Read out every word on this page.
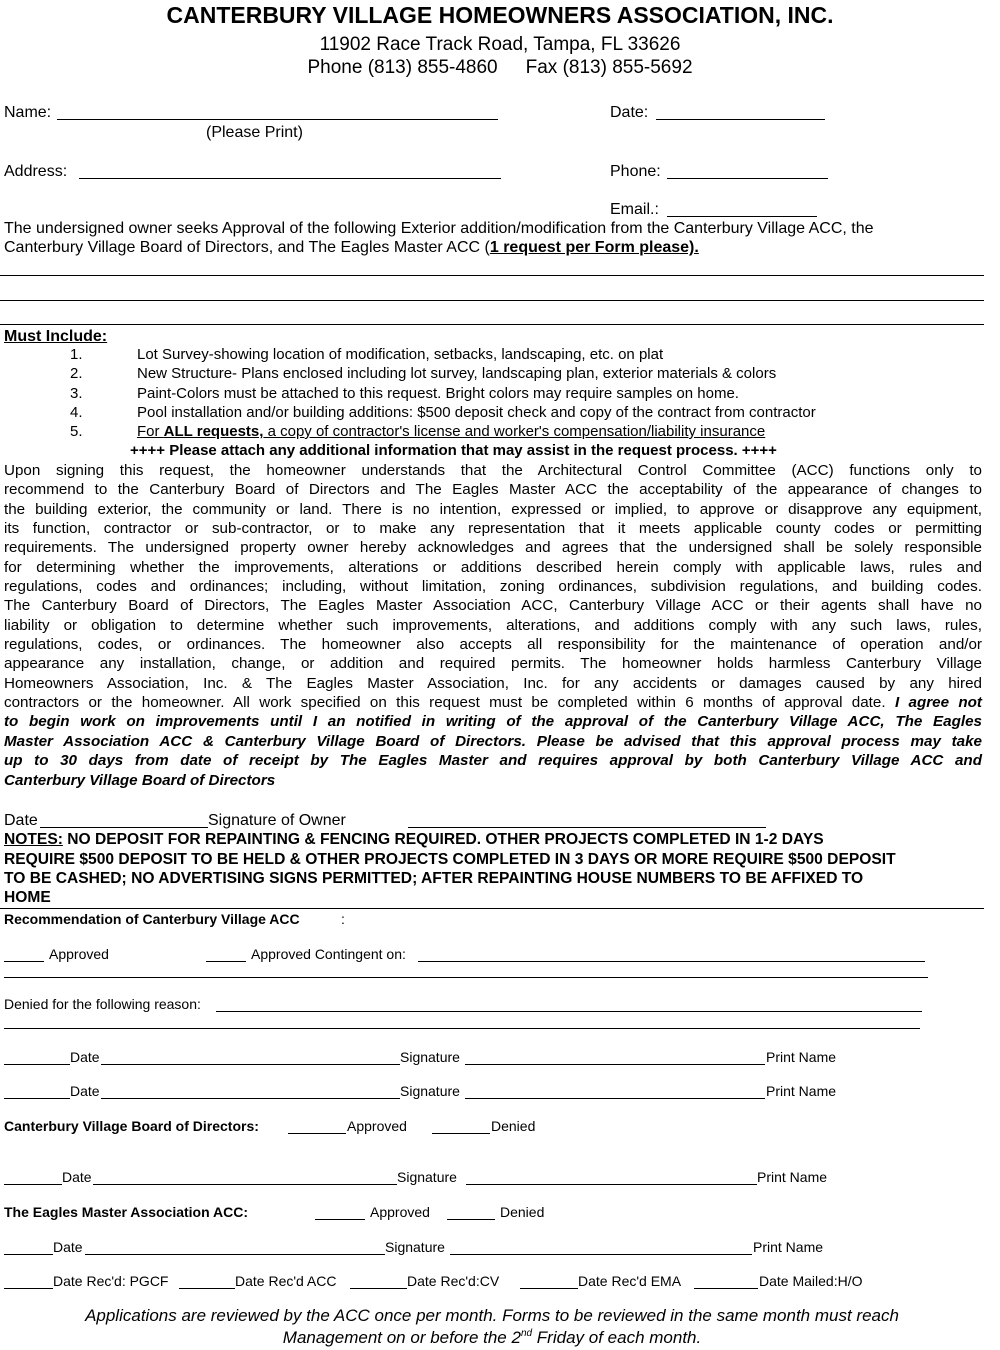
CANTERBURY VILLAGE HOMEOWNERS ASSOCIATION, INC.
11902 Race Track Road, Tampa, FL 33626
Phone (813) 855-4860 Fax (813) 855-5692
Name:
(Please Print)
Date:
Address:	Phone:
Email.:
The undersigned owner seeks Approval of the following Exterior addition/modification from the Canterbury Village ACC, the
Canterbury Village Board of Directors, and The Eagles Master ACC (1 request per Form please).
Must Include:
1.	Lot Survey-showing location of modification, setbacks, landscaping, etc. on plat
2.	New Structure- Plans enclosed including lot survey, landscaping plan, exterior materials & colors
3.	Paint-Colors must be attached to this request. Bright colors may require samples on home.
4.	Pool installation and/or building additions: $500 deposit check and copy of the contract from contractor
5.	For ALL requests, a copy of contractor's license and worker's compensation/liability insurance
++++ Please attach any additional information that may assist in the request process. ++++
Upon signing this request, the homeowner understands that the Architectural Control Committee (ACC) functions only to
recommend to the Canterbury Board of Directors and The Eagles Master ACC the acceptability of the appearance of changes to
the building exterior, the community or land. There is no intention, expressed or implied, to approve or disapprove any equipment,
its function, contractor or sub-contractor, or to make any representation that it meets applicable county codes or permitting
requirements. The undersigned property owner hereby acknowledges and agrees that the undersigned shall be solely responsible
for determining whether the improvements, alterations or additions described herein comply with applicable laws, rules and
regulations, codes and ordinances; including, without limitation, zoning ordinances, subdivision regulations, and building codes.
The Canterbury Board of Directors, The Eagles Master Association ACC, Canterbury Village ACC or their agents shall have no
liability or obligation to determine whether such improvements, alterations, and additions comply with any such laws, rules,
regulations, codes, or ordinances. The homeowner also accepts all responsibility for the maintenance of operation and/or
appearance any installation, change, or addition and required permits. The homeowner holds harmless Canterbury Village
Homeowners Association, Inc. & The Eagles Master Association, Inc. for any accidents or damages caused by any hired
contractors or the homeowner. All work specified on this request must be completed within 6 months of approval date. I agree not
to begin work on improvements until I an notified in writing of the approval of the Canterbury Village ACC, The Eagles
Master Association ACC & Canterbury Village Board of Directors. Please be advised that this approval process may take
up to 30 days from date of receipt by The Eagles Master and requires approval by both Canterbury Village ACC and
Canterbury Village Board of Directors
Date	Signature of Owner
NOTES: NO DEPOSIT FOR REPAINTING & FENCING REQUIRED. OTHER PROJECTS COMPLETED IN 1-2 DAYS
REQUIRE $500 DEPOSIT TO BE HELD & OTHER PROJECTS COMPLETED IN 3 DAYS OR MORE REQUIRE $500 DEPOSIT
TO BE CASHED; NO ADVERTISING SIGNS PERMITTED; AFTER REPAINTING HOUSE NUMBERS TO BE AFFIXED TO
HOME
Recommendation of Canterbury Village ACC	:
Approved	Approved Contingent on:
Denied for the following reason:
Date	Signature	Print Name
Date	Signature	Print Name
Canterbury Village Board of Directors:	Approved	Denied
Date	Signature	Print Name
The Eagles Master Association ACC:	Approved	Denied
Date	Signature	Print Name
Date Rec'd: PGCF	Date Rec'd ACC	Date Rec'd:CV	Date Rec'd EMA	Date Mailed:H/O
Applications are reviewed by the ACC once per month. Forms to be reviewed in the same month must reach
Management on or before the 2nd Friday of each month.
